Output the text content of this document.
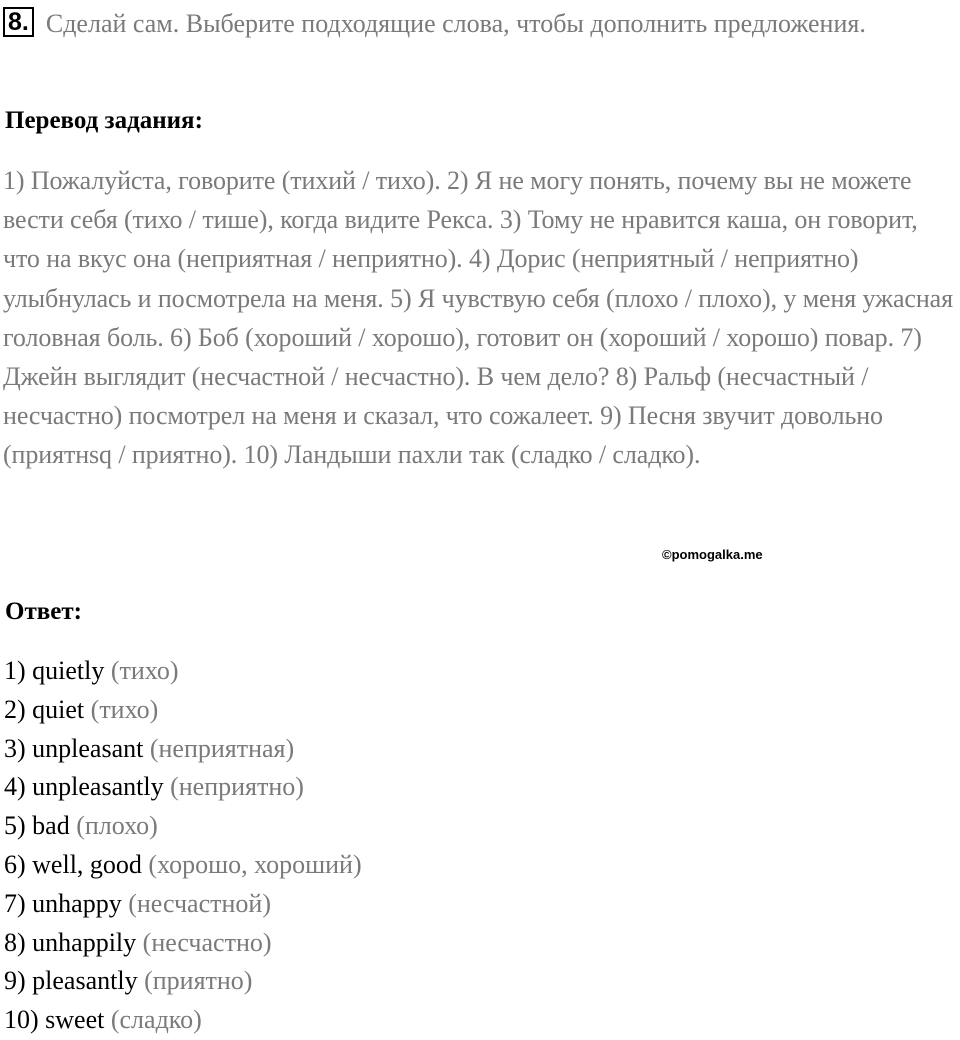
8. Сделай сам. Выберите подходящие слова, чтобы дополнить предложения.
Перевод задания:
1) Пожалуйста, говорите (тихий / тихо). 2) Я не могу понять, почему вы не можете вести себя (тихо / тише), когда видите Рекса. 3) Тому не нравится каша, он говорит, что на вкус она (неприятная / неприятно). 4) Дорис (неприятный / неприятно) улыбнулась и посмотрела на меня. 5) Я чувствую себя (плохо / плохо), у меня ужасная головная боль. 6) Боб (хороший / хорошо), готовит он (хороший / хорошо) повар. 7) Джейн выглядит (несчастной / несчастно). В чем дело? 8) Ральф (несчастный / несчастно) посмотрел на меня и сказал, что сожалеет. 9) Песня звучит довольно (приятнsq / приятно). 10) Ландыши пахли так (сладко / сладко).
©pomogalka.me
Ответ:
1) quietly (тихо)
2) quiet (тихо)
3) unpleasant (неприятная)
4) unpleasantly (неприятно)
5) bad (плохо)
6) well, good (хорошо, хороший)
7) unhappy (несчастной)
8) unhappily (несчастно)
9) pleasantly (приятно)
10) sweet (сладко)
